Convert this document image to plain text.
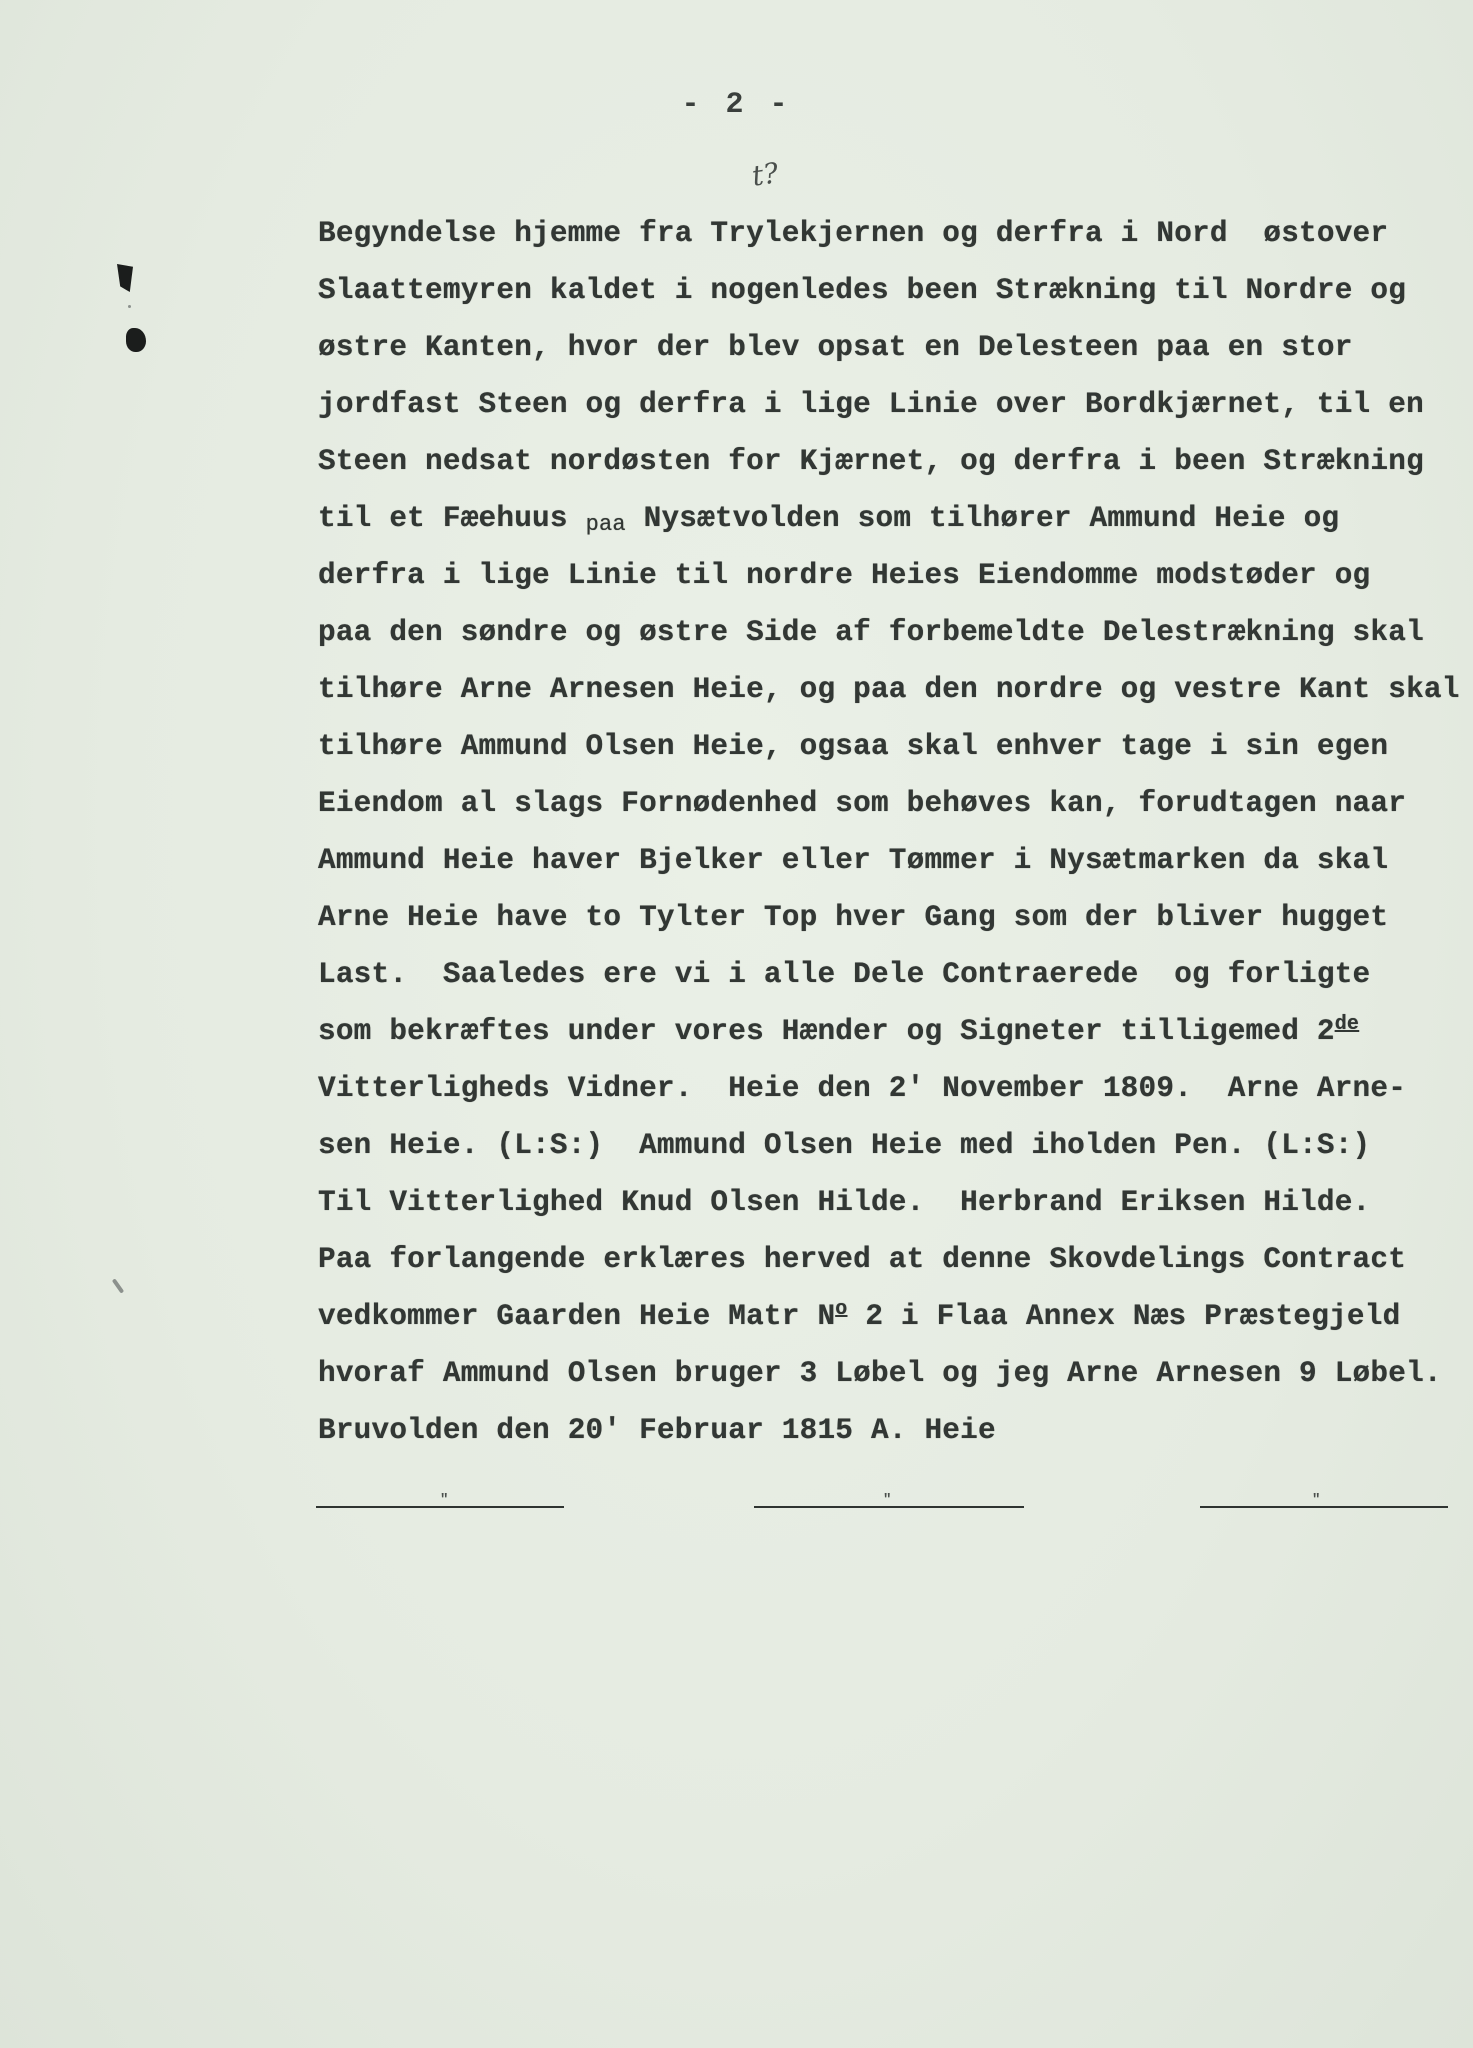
- 2 -
t?
Begyndelse hjemme fra Trylekjernen og derfra i Nord  østover
Slaattemyren kaldet i nogenledes been Strækning til Nordre og
østre Kanten, hvor der blev opsat en Delesteen paa en stor
jordfast Steen og derfra i lige Linie over Bordkjærnet, til en
Steen nedsat nordøsten for Kjærnet, og derfra i been Strækning
til et Fæehuus paa Nysætvolden som tilhører Ammund Heie og
derfra i lige Linie til nordre Heies Eiendomme modstøder og
paa den søndre og østre Side af forbemeldte Delestrækning skal
tilhøre Arne Arnesen Heie, og paa den nordre og vestre Kant skal
tilhøre Ammund Olsen Heie, ogsaa skal enhver tage i sin egen
Eiendom al slags Fornødenhed som behøves kan, forudtagen naar
Ammund Heie haver Bjelker eller Tømmer i Nysætmarken da skal
Arne Heie have to Tylter Top hver Gang som der bliver hugget
Last.  Saaledes ere vi i alle Dele Contraerede  og forligte
som bekræftes under vores Hænder og Signeter tilligemed 2de
Vitterligheds Vidner.  Heie den 2' November 1809.  Arne Arne-
sen Heie. (L:S:)  Ammund Olsen Heie med iholden Pen. (L:S:)
Til Vitterlighed Knud Olsen Hilde.  Herbrand Eriksen Hilde.
Paa forlangende erklæres herved at denne Skovdelings Contract
vedkommer Gaarden Heie Matr $N^o$ 2 i Flaa Annex Næs Præstegjeld
hvoraf Ammund Olsen bruger 3 Løbel og jeg Arne Arnesen 9 Løbel.
Bruvolden den 20' Februar 1815 A. Heie
"	"	"
